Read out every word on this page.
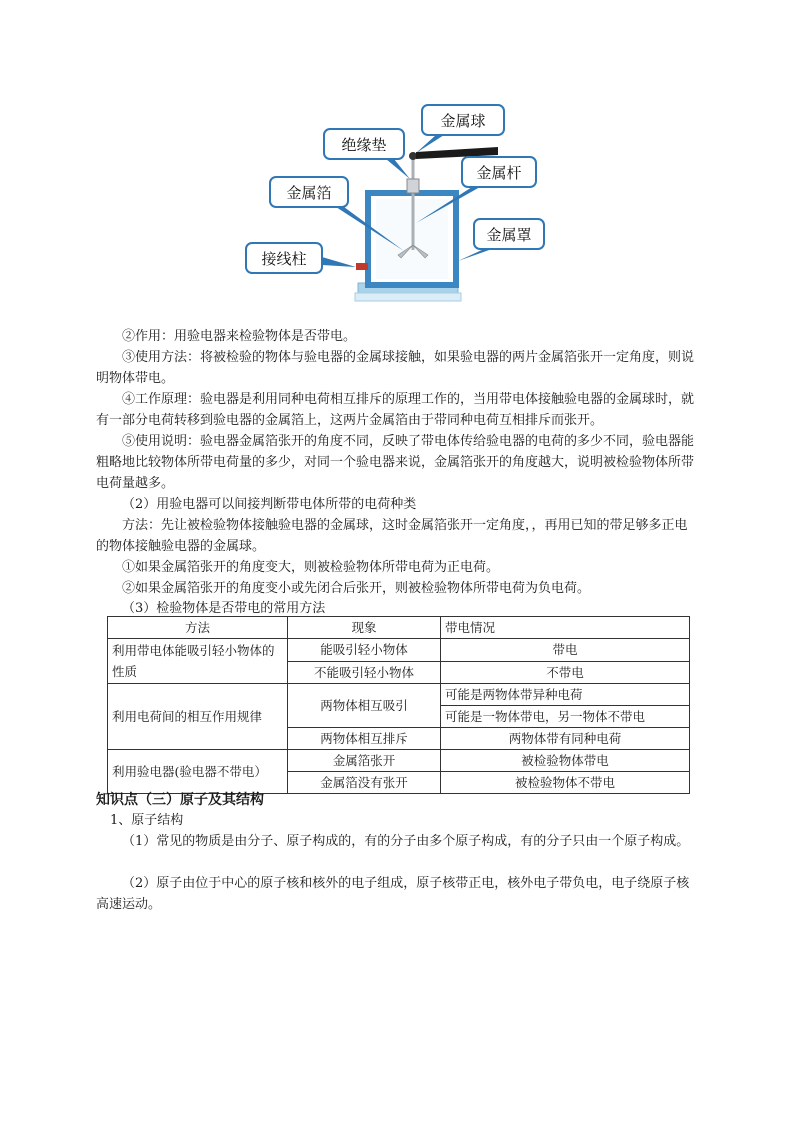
金属球
绝缘垫
金属杆
金属箔
金属罩
接线柱

②作用：用验电器来检验物体是否带电。

③使用方法：将被检验的物体与验电器的金属球接触，如果验电器的两片金属箔张开一定角度，则说明物体带电。

④工作原理：验电器是利用同种电荷相互排斥的原理工作的，当用带电体接触验电器的金属球时，就有一部分电荷转移到验电器的金属箔上，这两片金属箔由于带同种电荷互相排斥而张开。

⑤使用说明：验电器金属箔张开的角度不同，反映了带电体传给验电器的电荷的多少不同，验电器能粗略地比较物体所带电荷量的多少，对同一个验电器来说，金属箔张开的角度越大，说明被检验物体所带电荷量越多。

（2）用验电器可以间接判断带电体所带的电荷种类

方法：先让被检验物体接触验电器的金属球，这时金属箔张开一定角度，，再用已知的带足够多正电的物体接触验电器的金属球。

①如果金属箔张开的角度变大，则被检验物体所带电荷为正电荷。

②如果金属箔张开的角度变小或先闭合后张开，则被检验物体所带电荷为负电荷。

（3）检验物体是否带电的常用方法

方法	现象	带电情况
利用带电体能吸引轻小物体的性质	能吸引轻小物体	带电
	不能吸引轻小物体	不带电
利用电荷间的相互作用规律	两物体相互吸引	可能是两物体带异种电荷
		可能是一物体带电，另一物体不带电
	两物体相互排斥	两物体带有同种电荷
利用验电器(验电器不带电）	金属箔张开	被检验物体带电
	金属箔没有张开	被检验物体不带电

知识点（三）原子及其结构

1、原子结构

（1）常见的物质是由分子、原子构成的，有的分子由多个原子构成，有的分子只由一个原子构成。

（2）原子由位于中心的原子核和核外的电子组成，原子核带正电，核外电子带负电，电子绕原子核高速运动。
